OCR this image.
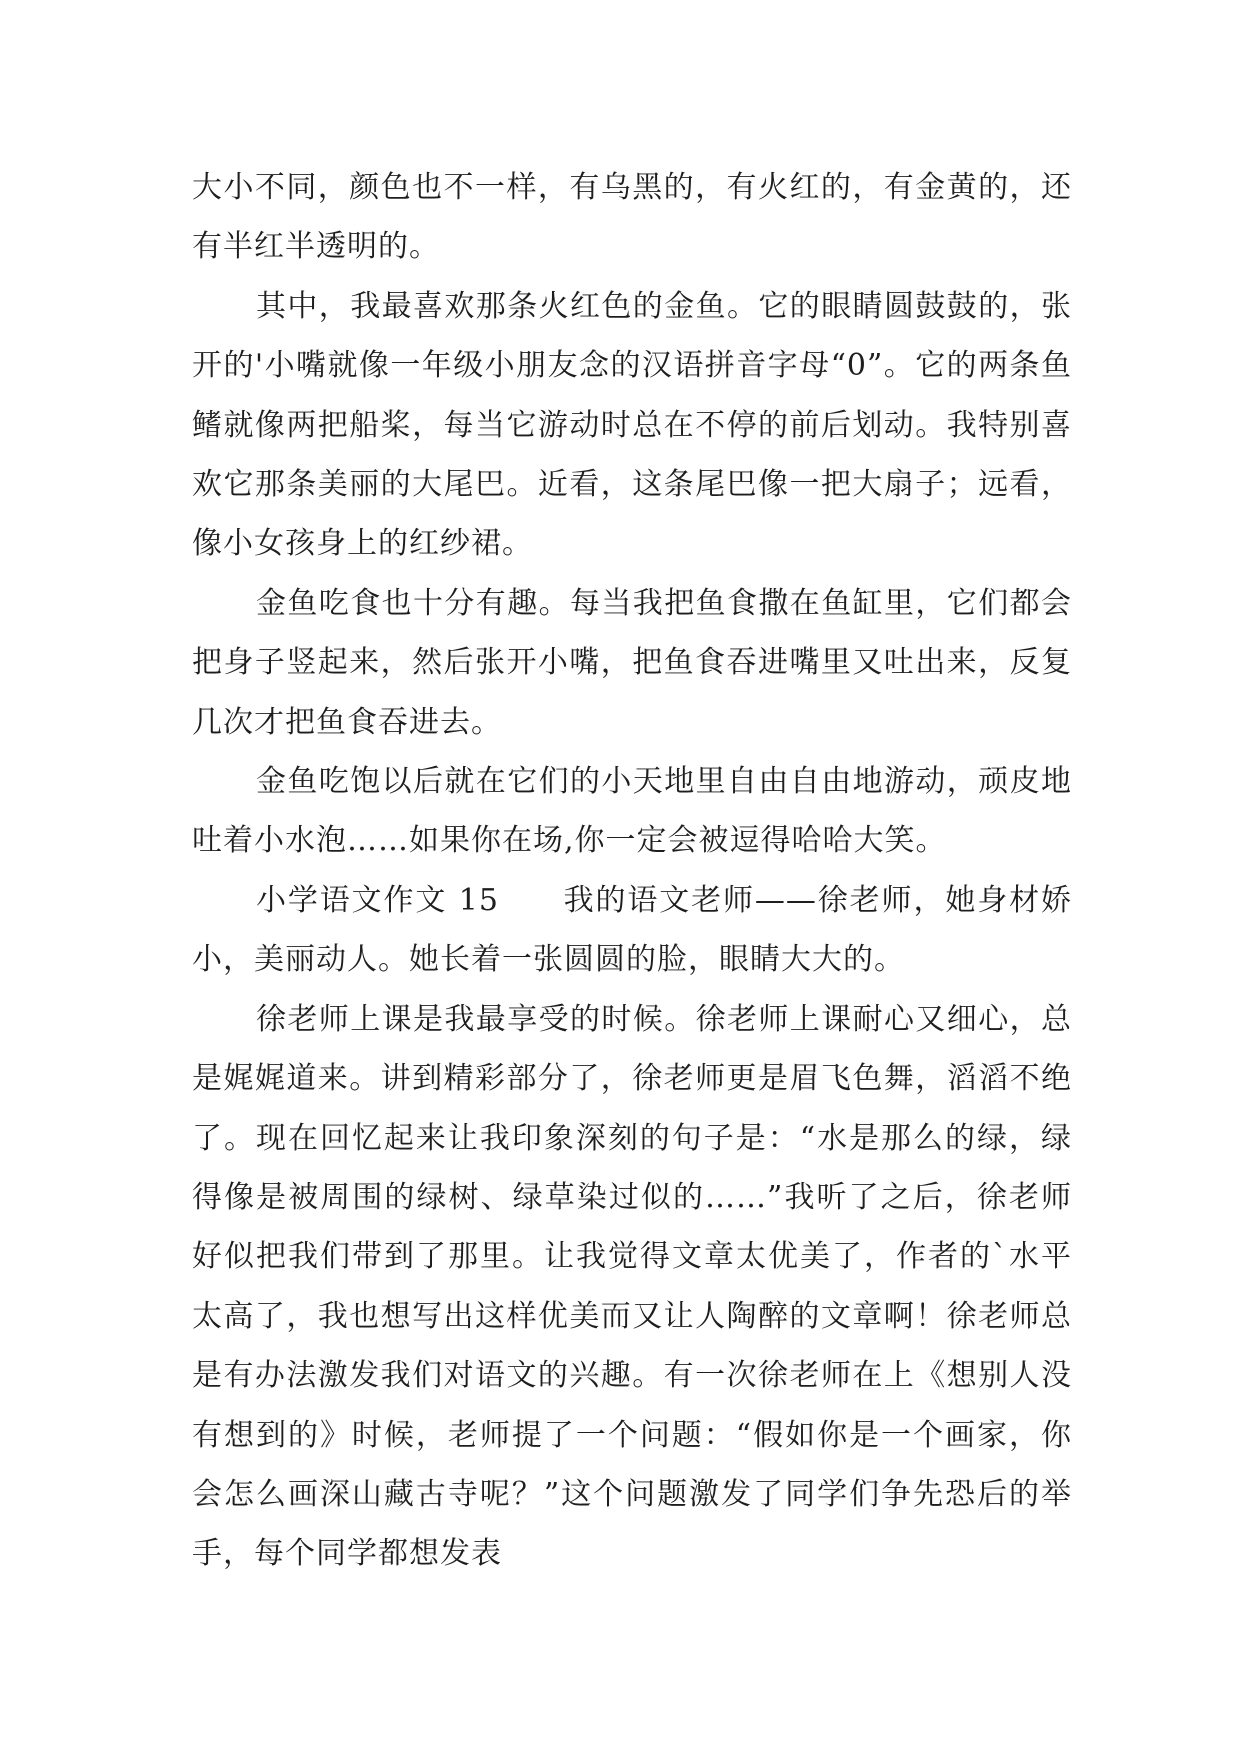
大小不同，颜色也不一样，有乌黑的，有火红的，有金黄的，还有半红半透明的。

其中，我最喜欢那条火红色的金鱼。它的眼睛圆鼓鼓的，张开的'小嘴就像一年级小朋友念的汉语拼音字母“0”。它的两条鱼鳍就像两把船桨，每当它游动时总在不停的前后划动。我特别喜欢它那条美丽的大尾巴。近看，这条尾巴像一把大扇子；远看，像小女孩身上的红纱裙。

金鱼吃食也十分有趣。每当我把鱼食撒在鱼缸里，它们都会把身子竖起来，然后张开小嘴，把鱼食吞进嘴里又吐出来，反复几次才把鱼食吞进去。

金鱼吃饱以后就在它们的小天地里自由自由地游动，顽皮地吐着小水泡……如果你在场,你一定会被逗得哈哈大笑。

小学语文作文 15　　我的语文老师——徐老师，她身材娇小，美丽动人。她长着一张圆圆的脸，眼睛大大的。

徐老师上课是我最享受的时候。徐老师上课耐心又细心，总是娓娓道来。讲到精彩部分了，徐老师更是眉飞色舞，滔滔不绝了。现在回忆起来让我印象深刻的句子是：“水是那么的绿，绿得像是被周围的绿树、绿草染过似的……”我听了之后，徐老师好似把我们带到了那里。让我觉得文章太优美了，作者的`水平太高了，我也想写出这样优美而又让人陶醉的文章啊！徐老师总是有办法激发我们对语文的兴趣。有一次徐老师在上《想别人没有想到的》时候，老师提了一个问题：“假如你是一个画家，你会怎么画深山藏古寺呢？”这个问题激发了同学们争先恐后的举手，每个同学都想发表
